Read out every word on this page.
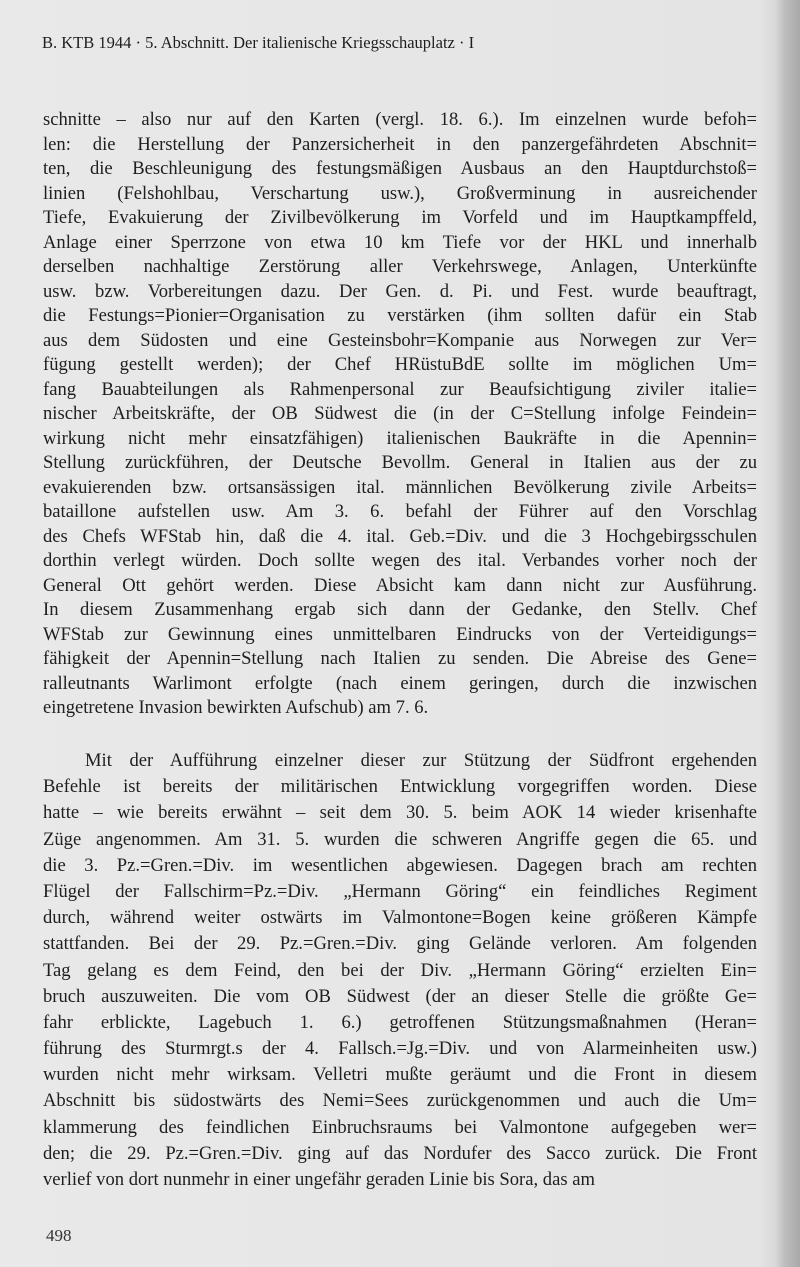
B. KTB 1944 · 5. Abschnitt. Der italienische Kriegsschauplatz · I
schnitte – also nur auf den Karten (vergl. 18. 6.). Im einzelnen wurde befoh=
len: die Herstellung der Panzersicherheit in den panzergefährdeten Abschnit=
ten, die Beschleunigung des festungsmäßigen Ausbaus an den Hauptdurchstoß=
linien (Felshohlbau, Verschartung usw.), Großverminung in ausreichender
Tiefe, Evakuierung der Zivilbevölkerung im Vorfeld und im Hauptkampffeld,
Anlage einer Sperrzone von etwa 10 km Tiefe vor der HKL und innerhalb
derselben nachhaltige Zerstörung aller Verkehrswege, Anlagen, Unterkünfte
usw. bzw. Vorbereitungen dazu. Der Gen. d. Pi. und Fest. wurde beauftragt,
die Festungs=Pionier=Organisation zu verstärken (ihm sollten dafür ein Stab
aus dem Südosten und eine Gesteinsbohr=Kompanie aus Norwegen zur Ver=
fügung gestellt werden); der Chef HRüstuBdE sollte im möglichen Um=
fang Bauabteilungen als Rahmenpersonal zur Beaufsichtigung ziviler italie=
nischer Arbeitskräfte, der OB Südwest die (in der C=Stellung infolge Feindein=
wirkung nicht mehr einsatzfähigen) italienischen Baukräfte in die Apennin=
Stellung zurückführen, der Deutsche Bevollm. General in Italien aus der zu
evakuierenden bzw. ortsansässigen ital. männlichen Bevölkerung zivile Arbeits=
bataillone aufstellen usw. Am 3. 6. befahl der Führer auf den Vorschlag
des Chefs WFStab hin, daß die 4. ital. Geb.=Div. und die 3 Hochgebirgsschulen
dorthin verlegt würden. Doch sollte wegen des ital. Verbandes vorher noch der
General Ott gehört werden. Diese Absicht kam dann nicht zur Ausführung.
In diesem Zusammenhang ergab sich dann der Gedanke, den Stellv. Chef
WFStab zur Gewinnung eines unmittelbaren Eindrucks von der Verteidigungs=
fähigkeit der Apennin=Stellung nach Italien zu senden. Die Abreise des Gene=
ralleutnants Warlimont erfolgte (nach einem geringen, durch die inzwischen
eingetretene Invasion bewirkten Aufschub) am 7. 6.
Mit der Aufführung einzelner dieser zur Stützung der Südfront ergehenden
Befehle ist bereits der militärischen Entwicklung vorgegriffen worden. Diese
hatte – wie bereits erwähnt – seit dem 30. 5. beim AOK 14 wieder krisenhafte
Züge angenommen. Am 31. 5. wurden die schweren Angriffe gegen die 65. und
die 3. Pz.=Gren.=Div. im wesentlichen abgewiesen. Dagegen brach am rechten
Flügel der Fallschirm=Pz.=Div. „Hermann Göring“ ein feindliches Regiment
durch, während weiter ostwärts im Valmontone=Bogen keine größeren Kämpfe
stattfanden. Bei der 29. Pz.=Gren.=Div. ging Gelände verloren. Am folgenden
Tag gelang es dem Feind, den bei der Div. „Hermann Göring“ erzielten Ein=
bruch auszuweiten. Die vom OB Südwest (der an dieser Stelle die größte Ge=
fahr erblickte, Lagebuch 1. 6.) getroffenen Stützungsmaßnahmen (Heran=
führung des Sturmrgt.s der 4. Fallsch.=Jg.=Div. und von Alarmeinheiten usw.)
wurden nicht mehr wirksam. Velletri mußte geräumt und die Front in diesem
Abschnitt bis südostwärts des Nemi=Sees zurückgenommen und auch die Um=
klammerung des feindlichen Einbruchsraums bei Valmontone aufgegeben wer=
den; die 29. Pz.=Gren.=Div. ging auf das Nordufer des Sacco zurück. Die Front
verlief von dort nunmehr in einer ungefähr geraden Linie bis Sora, das am
498
